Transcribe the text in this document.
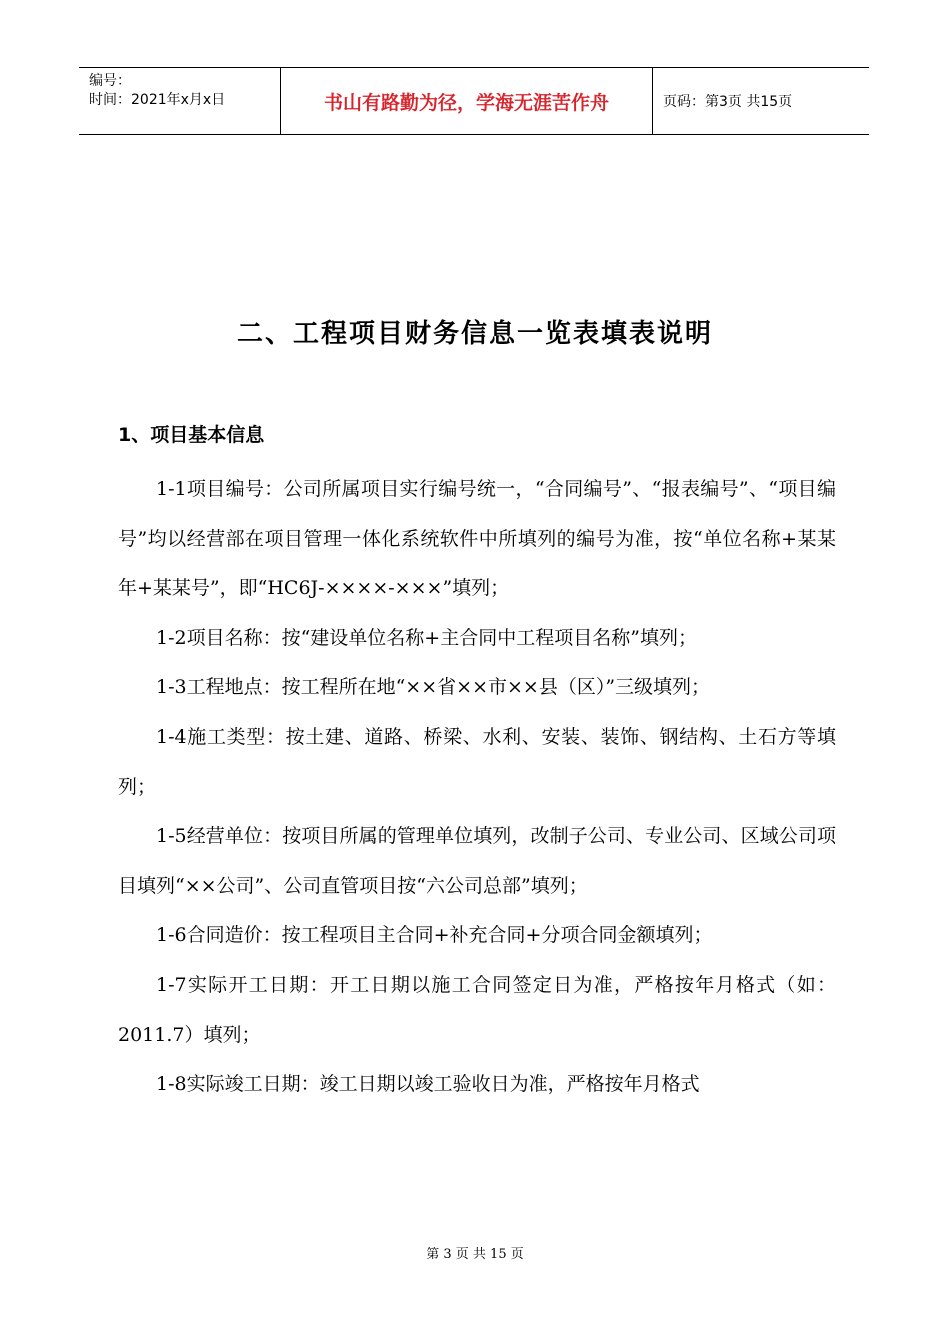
编号：
时间：2021年x月x日	书山有路勤为径，学海无涯苦作舟	页码：第3页 共15页
二、工程项目财务信息一览表填表说明
1、项目基本信息

1-1项目编号：公司所属项目实行编号统一，“合同编号”、“报表编号”、“项目编号”均以经营部在项目管理一体化系统软件中所填列的编号为准，按“单位名称+某某年+某某号”，即“HC6J-××××-×××”填列；

1-2项目名称：按“建设单位名称+主合同中工程项目名称”填列；

1-3工程地点：按工程所在地“××省××市××县（区）”三级填列；

1-4施工类型：按土建、道路、桥梁、水利、安装、装饰、钢结构、土石方等填列；

1-5经营单位：按项目所属的管理单位填列，改制子公司、专业公司、区域公司项目填列“××公司”、公司直管项目按“六公司总部”填列；

1-6合同造价：按工程项目主合同+补充合同+分项合同金额填列；

1-7实际开工日期：开工日期以施工合同签定日为准，严格按年月格式（如：2011.7）填列；

1-8实际竣工日期：竣工日期以竣工验收日为准，严格按年月格式

第 3 页 共 15 页
